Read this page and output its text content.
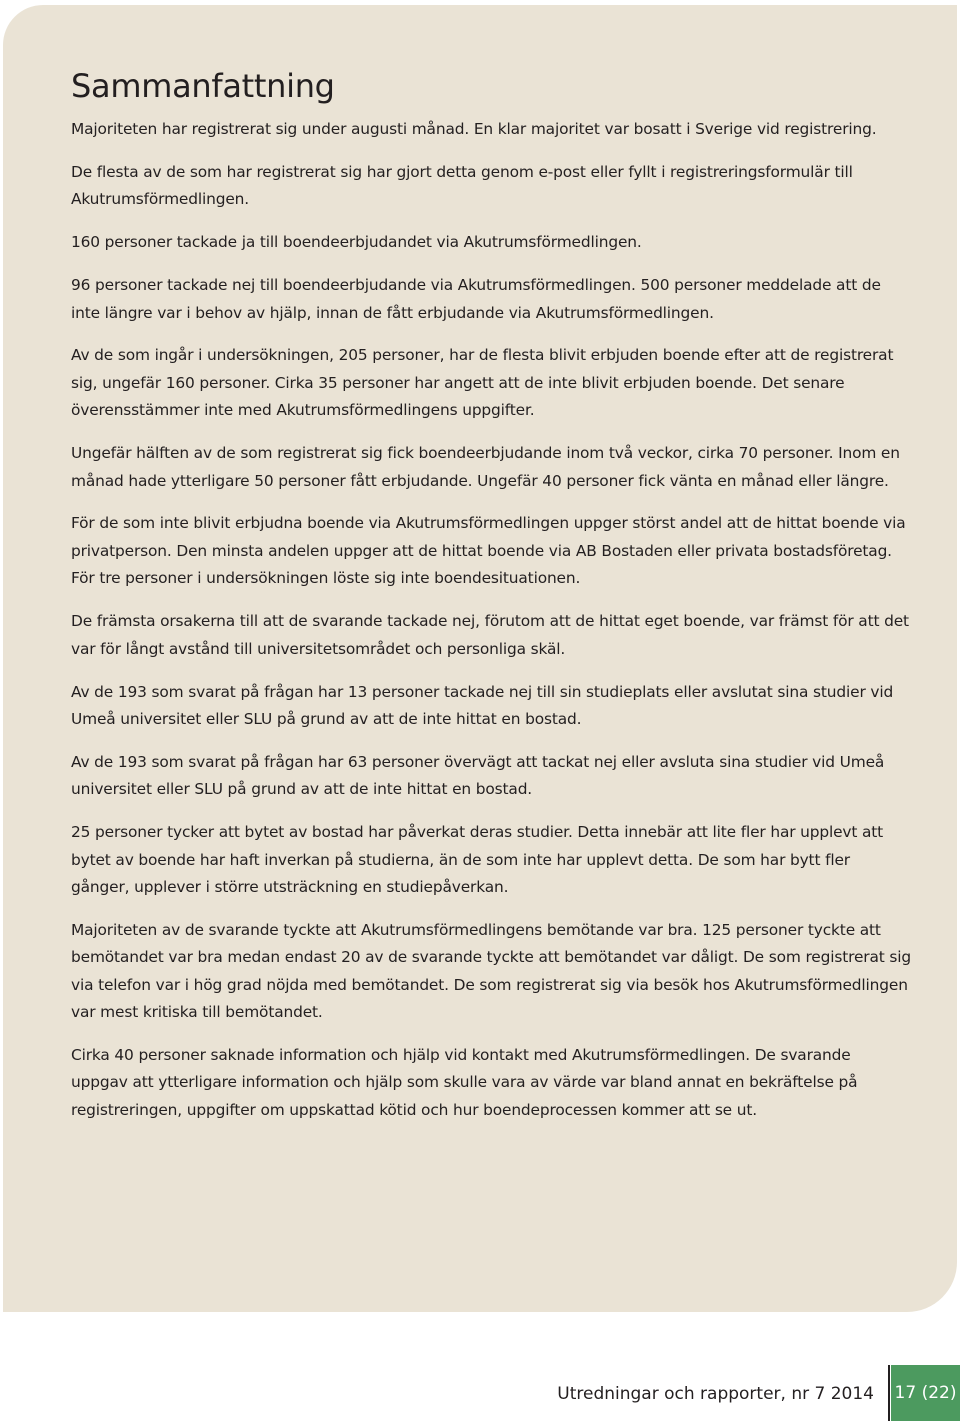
Sammanfattning

Majoriteten har registrerat sig under augusti månad. En klar majoritet var bosatt i Sverige vid registrering.

De flesta av de som har registrerat sig har gjort detta genom e-post eller fyllt i registreringsformulär till Akutrumsförmedlingen.

160 personer tackade ja till boendeerbjudandet via Akutrumsförmedlingen.

96 personer tackade nej till boendeerbjudande via Akutrumsförmedlingen. 500 personer meddelade att de inte längre var i behov av hjälp, innan de fått erbjudande via Akutrumsförmedlingen.

Av de som ingår i undersökningen, 205 personer, har de flesta blivit erbjuden boende efter att de registrerat sig, ungefär 160 personer. Cirka 35 personer har angett att de inte blivit erbjuden boende. Det senare överensstämmer inte med Akutrumsförmedlingens uppgifter.

Ungefär hälften av de som registrerat sig fick boendeerbjudande inom två veckor, cirka 70 personer. Inom en månad hade ytterligare 50 personer fått erbjudande. Ungefär 40 personer fick vänta en månad eller längre.

För de som inte blivit erbjudna boende via Akutrumsförmedlingen uppger störst andel att de hittat boende via privatperson. Den minsta andelen uppger att de hittat boende via AB Bostaden eller privata bostadsföretag. För tre personer i undersökningen löste sig inte boendesituationen.

De främsta orsakerna till att de svarande tackade nej, förutom att de hittat eget boende, var främst för att det var för långt avstånd till universitetsområdet och personliga skäl.

Av de 193 som svarat på frågan har 13 personer tackade nej till sin studieplats eller avslutat sina studier vid Umeå universitet eller SLU på grund av att de inte hittat en bostad.

Av de 193 som svarat på frågan har 63 personer övervägt att tackat nej eller avsluta sina studier vid Umeå universitet eller SLU på grund av att de inte hittat en bostad.

25 personer tycker att bytet av bostad har påverkat deras studier. Detta innebär att lite fler har upplevt att bytet av boende har haft inverkan på studierna, än de som inte har upplevt detta. De som har bytt fler gånger, upplever i större utsträckning en studiepåverkan.

Majoriteten av de svarande tyckte att Akutrumsförmedlingens bemötande var bra. 125 personer tyckte att bemötandet var bra medan endast 20 av de svarande tyckte att bemötandet var dåligt. De som registrerat sig via telefon var i hög grad nöjda med bemötandet. De som registrerat sig via besök hos Akutrumsförmedlingen var mest kritiska till bemötandet.

Cirka 40 personer saknade information och hjälp vid kontakt med Akutrumsförmedlingen. De svarande uppgav att ytterligare information och hjälp som skulle vara av värde var bland annat en bekräftelse på registreringen, uppgifter om uppskattad kötid och hur boendeprocessen kommer att se ut.

Utredningar och rapporter, nr 7 2014 17 (22)
